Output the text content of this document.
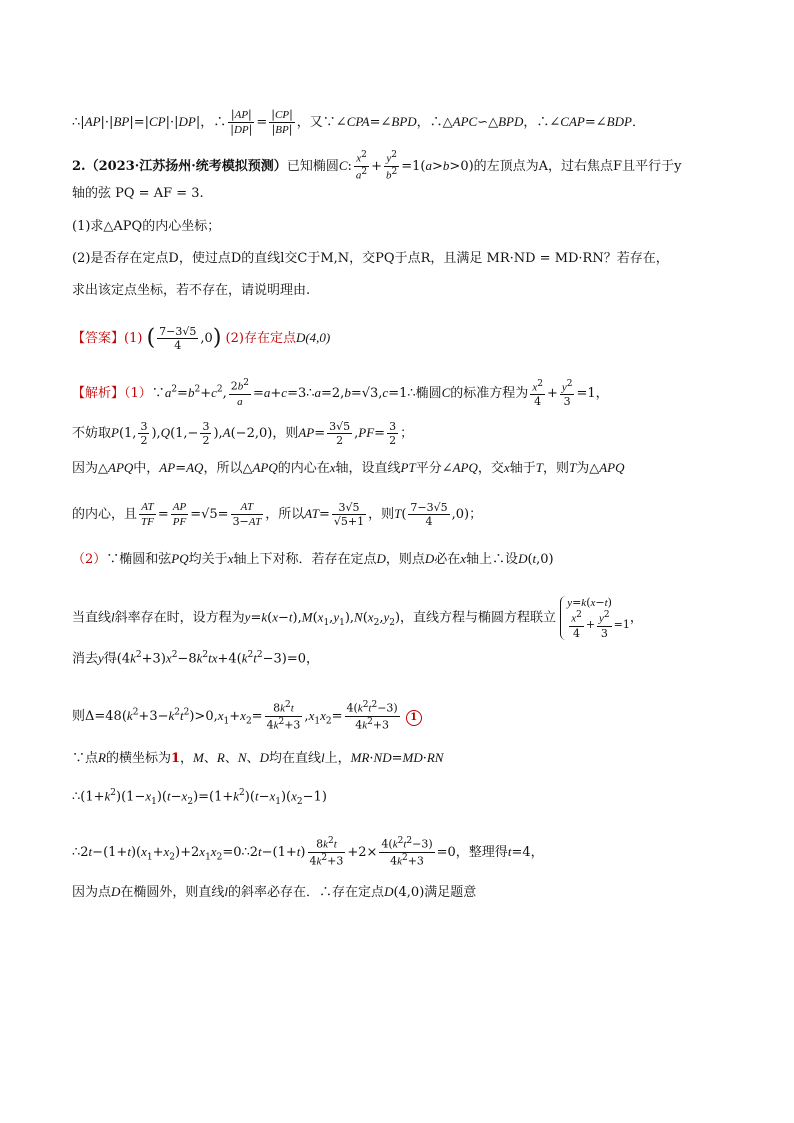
∴|AP|·|BP|=|CP|·|DP|，∴ $\frac{|AP|}{|DP|} = \frac{|CP|}{|BP|}$ ，又∵∠CPA=∠BPD，∴△APC∽△BPD，∴∠CAP=∠BDP．
2.（2023·江苏扬州·统考模拟预测）已知椭圆C: $\frac{x^2}{a^2} + \frac{y^2}{b^2} =1(a>b>0)$的左顶点为A，过右焦点F且平行于y
轴的弦 PQ = AF = 3.
(1)求△APQ的内心坐标；
(2)是否存在定点D，使过点D的直线l交C于M,N，交PQ于点R，且满足 MR·ND = MD·RN？若存在，
求出该定点坐标，若不存在，请说明理由.
【答案】(1) ( $\frac{7-3√5}{4} ,0$) (2)存在定点D(4,0)
【解析】$(1)\because a^2=b^2+c^2$, $\frac{2b^2}{a}$ =a+c=3∴a=2,b=√3,c=1∴椭圆C的标准方程为 $\frac{x^2}{4} + \frac{y^2}{3} =1$，
不妨取P(1, $\frac{3}{2} ),Q(1,- \frac{3}{2} ),A(-2,0)$，则$AP= \frac{3√5}{2} ,PF= \frac{3}{2}$ ；
因为△APQ中，AP=AQ，所以△APQ的内心在x轴，设直线PT平分∠APQ，交x轴于T，则T为△APQ
的内心，且 $\frac{AT}{TF} = \frac{AP}{PF} =√5= \frac{AT}{3-AT}$ ，所以$AT= \frac{3√5}{√5+1}$ ，则$T( \frac{7-3√5}{4} ,0)$；
（2）∵椭圆和弦PQ均关于x轴上下对称．若存在定点D，则点D必在x轴上∴设D(t,0)
当直线l斜率存在时，设方程为$y=k(x-t),M(x_1,y_1),N(x_2,y_2)$，直线方程与椭圆方程联立
y=k(x−t)
$\frac{x^2}{4} + \frac{y^2}{3} =1$ ，
消去y得$(4k^2+3)x^2-8k^2tx+4(k^2t^2-3)=0$，
则$\Delta=48(k^2+3-k^2t^2)>0,x_1+x_2= \frac{8k^2t}{4k^2+3} ,x_1x_2= \frac{4(k^2t^2-3)}{4k^2+3} 1$
∵点R的横坐标为1，M、R、N、D均在直线l上，MR·ND=MD·RN
$\therefore(1+k^2)(1-x_1)(t-x_2)=(1+k^2)(t-x_1)(x_2-1)$
$\therefore 2t-(1+t)(x_1+x_2)+2x_1x_2=0\therefore 2t-(1+t) \frac{8k^2t}{4k^2+3} +2\times \frac{4(k^2t^2-3)}{4k^2+3} =0$，整理得t=4，
因为点D在椭圆外，则直线l的斜率必存在．∴存在定点D(4,0)满足题意
